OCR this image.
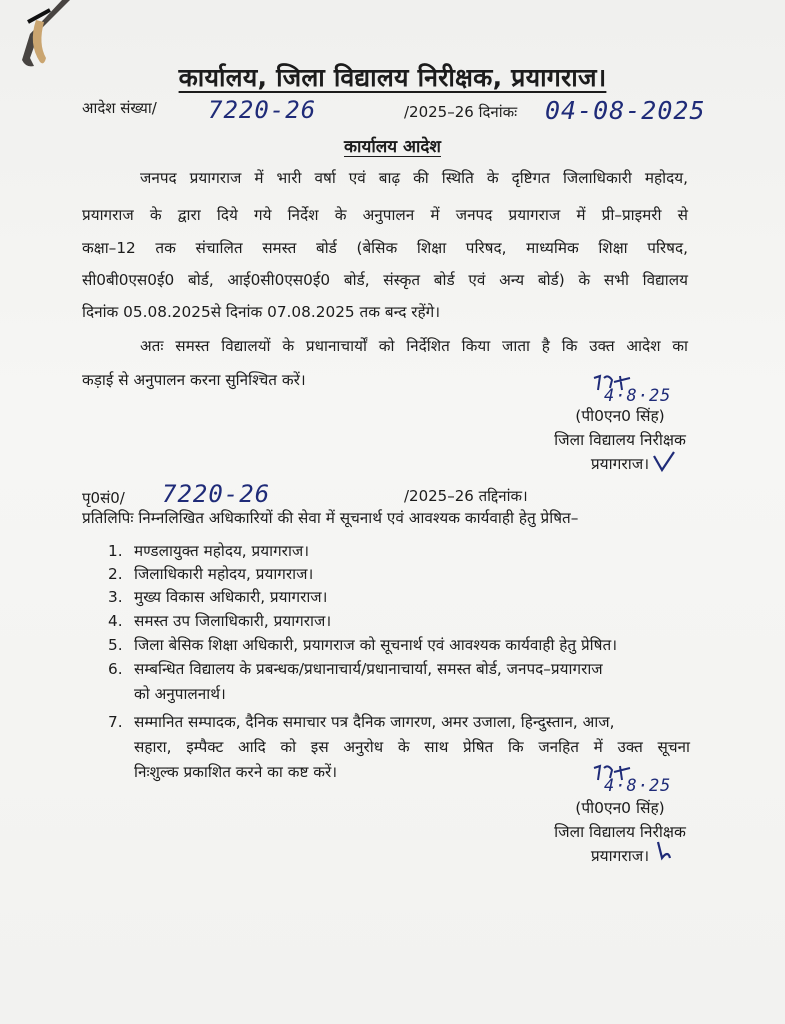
कार्यालय, जिला विद्यालय निरीक्षक, प्रयागराज।
आदेश संख्या/ 7220-26	/2025–26 दिनांकः 04-08-2025
कार्यालय आदेश
जनपद प्रयागराज में भारी वर्षा एवं बाढ़ की स्थिति के दृष्टिगत जिलाधिकारी महोदय,
प्रयागराज के द्वारा दिये गये निर्देश के अनुपालन में जनपद प्रयागराज में प्री–प्राइमरी से
कक्षा–12 तक संचालित समस्त बोर्ड (बेसिक शिक्षा परिषद, माध्यमिक शिक्षा परिषद,
सी0बी0एस0ई0 बोर्ड, आई0सी0एस0ई0 बोर्ड, संस्कृत बोर्ड एवं अन्य बोर्ड) के सभी विद्यालय
दिनांक 05.08.2025से दिनांक 07.08.2025 तक बन्द रहेंगे।
अतः समस्त विद्यालयों के प्रधानाचार्यों को निर्देशित किया जाता है कि उक्त आदेश का
कड़ाई से अनुपालन करना सुनिश्चित करें।
4·8·25
(पी0एन0 सिंह)
जिला विद्यालय निरीक्षक
प्रयागराज।
पृ0सं0/ 7220-26	/2025–26 तद्दिनांक।
प्रतिलिपिः निम्नलिखित अधिकारियों की सेवा में सूचनार्थ एवं आवश्यक कार्यवाही हेतु प्रेषित–
1. मण्डलायुक्त महोदय, प्रयागराज।
2. जिलाधिकारी महोदय, प्रयागराज।
3. मुख्य विकास अधिकारी, प्रयागराज।
4. समस्त उप जिलाधिकारी, प्रयागराज।
5. जिला बेसिक शिक्षा अधिकारी, प्रयागराज को सूचनार्थ एवं आवश्यक कार्यवाही हेतु प्रेषित।
6. सम्बन्धित विद्यालय के प्रबन्धक/प्रधानाचार्य/प्रधानाचार्या, समस्त बोर्ड, जनपद–प्रयागराज
को अनुपालनार्थ।
7. सम्मानित सम्पादक, दैनिक समाचार पत्र दैनिक जागरण, अमर उजाला, हिन्दुस्तान, आज,
सहारा, इम्पैक्ट आदि को इस अनुरोध के साथ प्रेषित कि जनहित में उक्त सूचना
निःशुल्क प्रकाशित करने का कष्ट करें।
4·8·25
(पी0एन0 सिंह)
जिला विद्यालय निरीक्षक
प्रयागराज।
